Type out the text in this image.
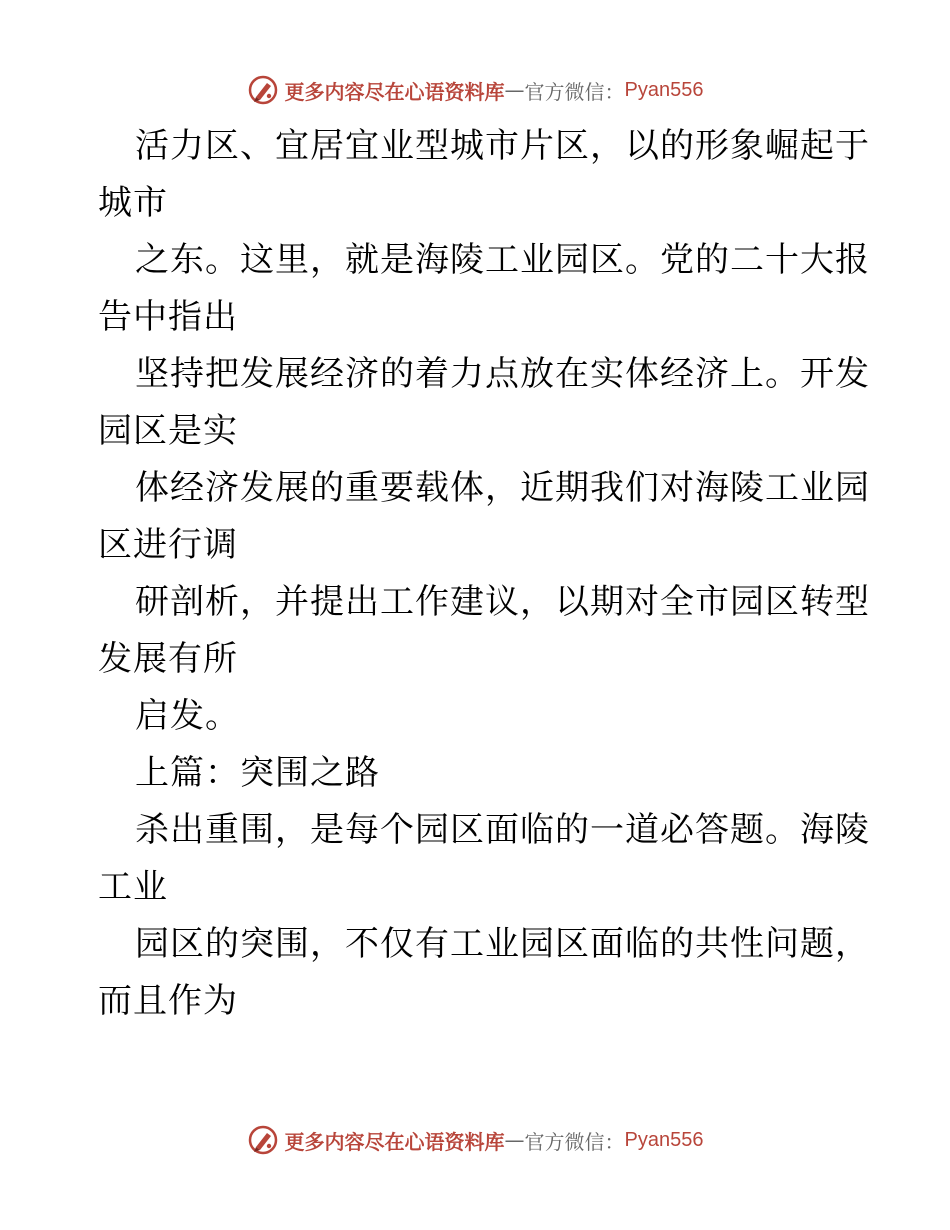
更多内容尽在心语资料库 — 官方微信： Pyan556
活力区、宜居宜业型城市片区，以的形象崛起于
城市
之东。这里，就是海陵工业园区。党的二十大报
告中指出
坚持把发展经济的着力点放在实体经济上。开发
园区是实
体经济发展的重要载体，近期我们对海陵工业园
区进行调
研剖析，并提出工作建议，以期对全市园区转型
发展有所
启发。
上篇：突围之路
杀出重围，是每个园区面临的一道必答题。海陵
工业
园区的突围，不仅有工业园区面临的共性问题，
而且作为
更多内容尽在心语资料库 — 官方微信： Pyan556
